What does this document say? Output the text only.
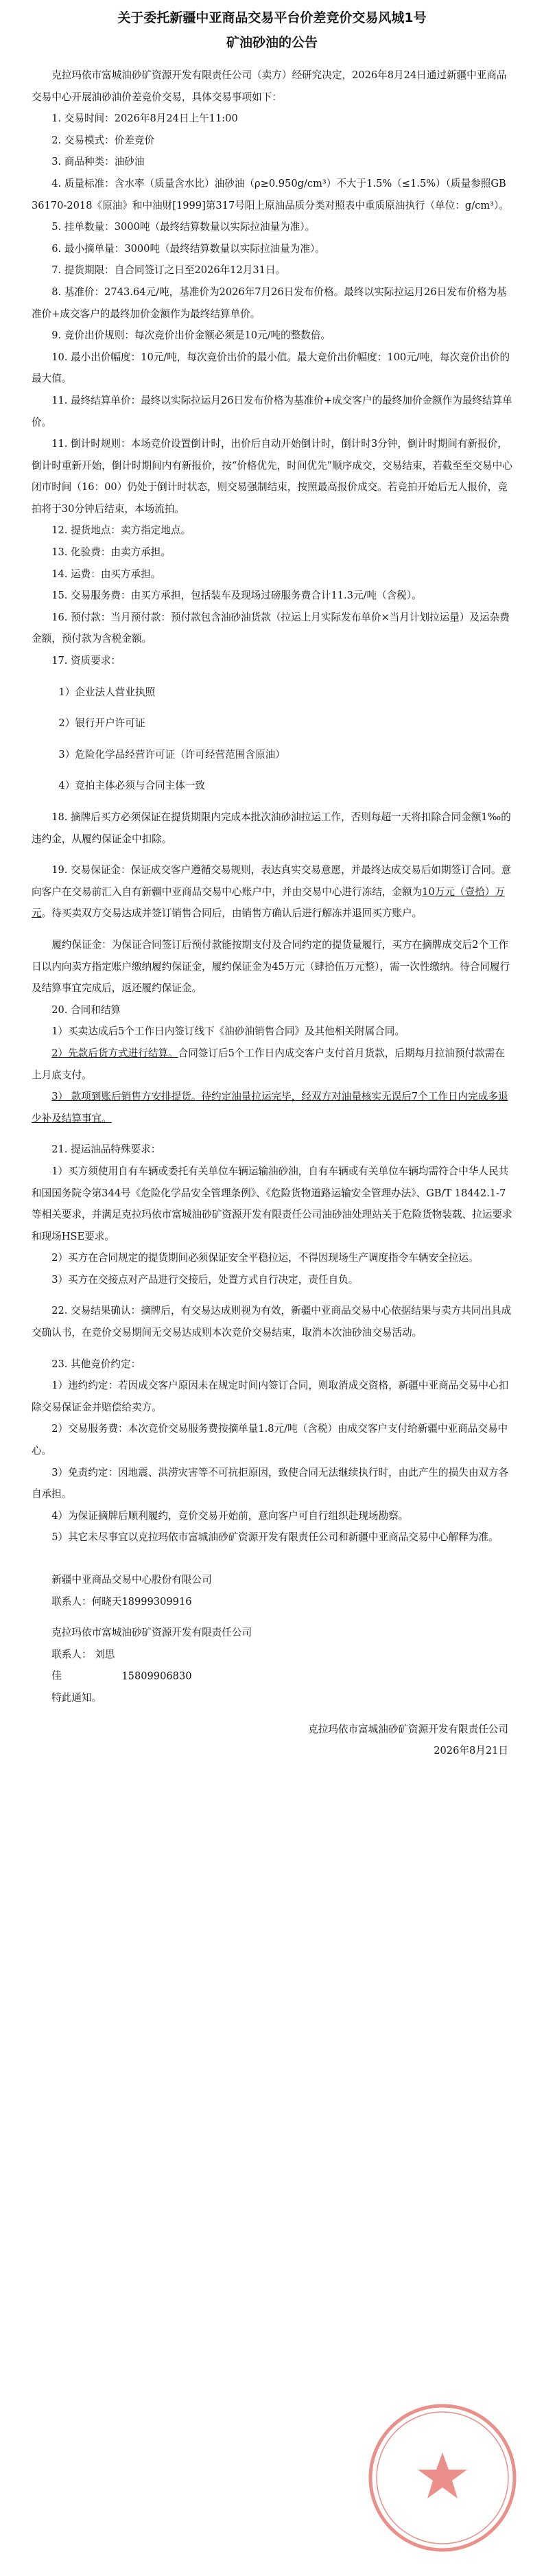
关于委托新疆中亚商品交易平台价差竞价交易风城1号
矿油砂油的公告

克拉玛依市富城油砂矿资源开发有限责任公司（卖方）经研究决定，2026年8月24日通过新疆中亚商品交易中心开展油砂油价差竞价交易，具体交易事项如下：

1. 交易时间：2026年8月24日上午11:00

2. 交易模式：价差竞价

3. 商品种类：油砂油

4. 质量标准：含水率（质量含水比）油砂油（ρ≥0.950g/cm³）不大于1.5%（≤1.5%）（质量参照GB 36170-2018《原油》和中油财[1999]第317号阳上原油品质分类对照表中重质原油执行（单位：g/cm³）。

5. 挂单数量：3000吨（最终结算数量以实际拉油量为准）。

6. 最小摘单量：3000吨（最终结算数量以实际拉油量为准）。

7. 提货期限：自合同签订之日至2026年12月31日。

8. 基准价：2743.64元/吨，基准价为2026年7月26日发布价格。最终以实际拉运月26日发布价格为基准价+成交客户的最终加价金额作为最终结算单价。

9. 竞价出价规则：每次竞价出价金额必须是10元/吨的整数倍。

10. 最小出价幅度：10元/吨，每次竞价出价的最小值。最大竞价出价幅度：100元/吨，每次竞价出价的最大值。

11. 最终结算单价：最终以实际拉运月26日发布价格为基准价+成交客户的最终加价金额作为最终结算单价。

11. 倒计时规则：本场竞价设置倒计时，出价后自动开始倒计时，倒计时3分钟，倒计时期间有新报价，倒计时重新开始，倒计时期间内有新报价，按“价格优先，时间优先”顺序成交，交易结束，若截至至交易中心闭市时间（16：00）仍处于倒计时状态，则交易强制结束，按照最高报价成交。若竞拍开始后无人报价，竞拍将于30分钟后结束，本场流拍。

12. 提货地点：卖方指定地点。

13. 化验费：由卖方承担。

14. 运费：由买方承担。

15. 交易服务费：由买方承担，包括装车及现场过磅服务费合计11.3元/吨（含税）。

16. 预付款：当月预付款：预付款包含油砂油货款（拉运上月实际发布单价×当月计划拉运量）及运杂费金额，预付款为含税金额。

17. 资质要求：

1）企业法人营业执照

2）银行开户许可证

3）危险化学品经营许可证（许可经营范围含原油）

4）竞拍主体必须与合同主体一致

18. 摘牌后买方必须保证在提货期限内完成本批次油砂油拉运工作，否则每超一天将扣除合同金额1‰的违约金，从履约保证金中扣除。

19. 交易保证金：保证成交客户遵循交易规则，表达真实交易意愿，并最终达成交易后如期签订合同。意向客户在交易前汇入自有新疆中亚商品交易中心账户中，并由交易中心进行冻结，金额为10万元（壹拾）万元。待买卖双方交易达成并签订销售合同后，由销售方确认后进行解冻并退回买方账户。

履约保证金：为保证合同签订后预付款能按期支付及合同约定的提货量履行，买方在摘牌成交后2个工作日以内向卖方指定账户缴纳履约保证金，履约保证金为45万元（肆拾伍万元整），需一次性缴纳。待合同履行及结算事宜完成后，返还履约保证金。

20. 合同和结算

1）买卖达成后5个工作日内签订线下《油砂油销售合同》及其他相关附属合同。

2）先款后货方式进行结算。合同签订后5个工作日内成交客户支付首月货款，后期每月拉油预付款需在上月底支付。

3） 款项到账后销售方安排提货。待约定油量拉运完毕，经双方对油量核实无误后7个工作日内完成多退少补及结算事宜。

21. 提运油品特殊要求：

1）买方须使用自有车辆或委托有关单位车辆运输油砂油，自有车辆或有关单位车辆均需符合中华人民共和国国务院令第344号《危险化学品安全管理条例》、《危险货物道路运输安全管理办法》、GB/T 18442.1-7等相关要求，并满足克拉玛依市富城油砂矿资源开发有限责任公司油砂油处理站关于危险货物装载、拉运要求和现场HSE要求。

2）买方在合同规定的提货期间必须保证安全平稳拉运，不得因现场生产调度指令车辆安全拉运。

3）买方在交接点对产品进行交接后，处置方式自行决定，责任自负。

22. 交易结果确认：摘牌后，有交易达成则视为有效，新疆中亚商品交易中心依据结果与卖方共同出具成交确认书，在竞价交易期间无交易达成则本次竞价交易结束，取消本次油砂油交易活动。

23. 其他竞价约定：

1）违约约定：若因成交客户原因未在规定时间内签订合同，则取消成交资格，新疆中亚商品交易中心扣除交易保证金并赔偿给卖方。

2）交易服务费：本次竞价交易服务费按摘单量1.8元/吨（含税）由成交客户支付给新疆中亚商品交易中心。

3）免责约定：因地震、洪涝灾害等不可抗拒原因，致使合同无法继续执行时，由此产生的损失由双方各自承担。

4）为保证摘牌后顺利履约，竞价交易开始前，意向客户可自行组织赴现场勘察。

5）其它未尽事宜以克拉玛依市富城油砂矿资源开发有限责任公司和新疆中亚商品交易中心解释为准。

新疆中亚商品交易中心股份有限公司

联系人：何晓天18999309916

克拉玛依市富城油砂矿资源开发有限责任公司

联系人： 刘思佳	15809906830

特此通知。

克拉玛依市富城油砂矿资源开发有限责任公司

2026年8月21日
